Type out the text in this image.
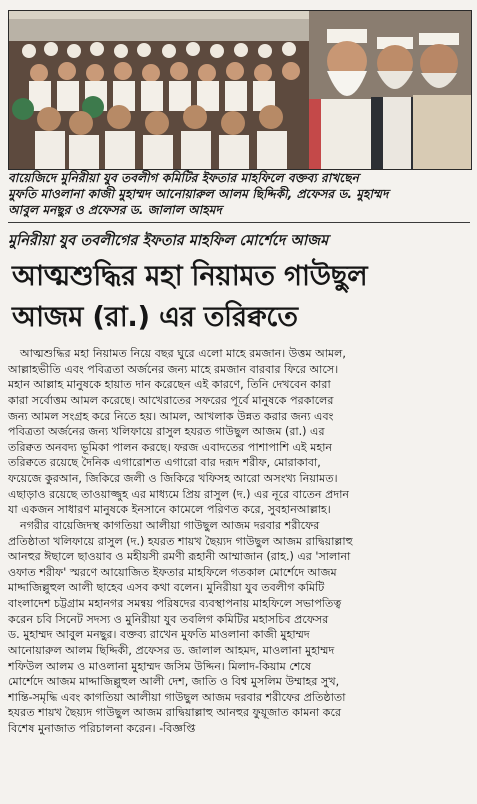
বায়েজিদে মুনিরীয়া যুব তবলীগ কমিটির ইফতার মাহফিলে বক্তব্য রাখছেন
মুফতি মাওলানা কাজী মুহাম্মদ আনোয়ারুল আলম ছিদ্দিকী, প্রফেসর ড. মুহাম্মদ
আবুল মনছুর ও প্রফেসর ড. জালাল আহমদ
মুনিরীয়া যুব তবলীগের ইফতার মাহফিল মোর্শেদে আজম
আত্মশুদ্ধির মহা নিয়ামত গাউছুল
আজম (রা.) এর তরিক্বতে
আত্মশুদ্ধির মহা নিয়ামত নিয়ে বছর ঘুরে এলো মাহে রমজান। উত্তম আমল,
আল্লাহভীতি এবং পবিত্রতা অর্জনের জন্য মাহে রমজান বারবার ফিরে আসে।
মহান আল্লাহ মানুষকে হায়াত দান করেছেন এই কারণে, তিনি দেখবেন কারা
কারা সর্বোত্তম আমল করেছে। আখেরাতের সফরের পূর্বে মানুষকে পরকালের
জন্য আমল সংগ্রহ করে নিতে হয়। আমল, আখলাক উন্নত করার জন্য এবং
পবিত্রতা অর্জনের জন্য খলিফায়ে রাসুল হযরত গাউছুল আজম (রা.) এর
তরিক্বত অনবদ্য ভূমিকা পালন করছে। ফরজ এবাদতের পাশাপাশি এই মহান
তরিক্বতে রয়েছে দৈনিক এগারোশত এগারো বার দরূদ শরীফ, মোরাকাবা,
ফয়েজে কুরআন, জিকিরে জলী ও জিকিরে খফিসহ আরো অসংখ্য নিয়ামত।
এছাড়াও রয়েছে তাওয়াজ্জুহ এর মাধ্যমে প্রিয় রাসুল (দ.) এর নূরে বাতেন প্রদান
যা একজন সাধারণ মানুষকে ইনসানে কামেলে পরিণত করে, সুবহানআল্লাহ।
নগরীর বায়েজিদস্থ কাগতিয়া আলীয়া গাউছুল আজম দরবার শরীফের
প্রতিষ্ঠাতা খলিফায়ে রাসুল (দ.) হযরত শায়খ ছৈয়্যদ গাউছুল আজম রাদ্বিয়াল্লাহু
আনহুর ঈছালে ছাওয়াব ও মহীয়সী রমণী রূহানী আম্মাজান (রাহ.) এর 'সালানা
ওফাত শরীফ' স্মরণে আয়োজিত ইফতার মাহফিলে গতকাল মোর্শেদে আজম
মাদ্দাজিল্লুহুল আলী ছাহেব এসব কথা বলেন। মুনিরীয়া যুব তবলীগ কমিটি
বাংলাদেশ চট্টগ্রাম মহানগর সমন্বয় পরিষদের ব্যবস্থাপনায় মাহফিলে সভাপতিত্ব
করেন চবি সিনেট সদস্য ও মুনিরীয়া যুব তবলিগ কমিটির মহাসচিব প্রফেসর
ড. মুহাম্মদ আবুল মনছুর। বক্তব্য রাখেন মুফতি মাওলানা কাজী মুহাম্মদ
আনোয়ারুল আলম ছিদ্দিকী, প্রফেসর ড. জালাল আহমদ, মাওলানা মুহাম্মদ
শফিউল আলম ও মাওলানা মুহাম্মদ জসিম উদ্দিন। মিলাদ-কিয়াম শেষে
মোর্শেদে আজম মাদ্দাজিল্লুহুল আলী দেশ, জাতি ও বিশ্ব মুসলিম উম্মাহর সুখ,
শান্তি-সমৃদ্ধি এবং কাগতিয়া আলীয়া গাউছুল আজম দরবার শরীফের প্রতিষ্ঠাতা
হযরত শায়খ ছৈয়্যদ গাউছুল আজম রাদ্বিয়াল্লাহু আনহুর ফুয়ূজাত কামনা করে
বিশেষ মুনাজাত পরিচালনা করেন। -বিজ্ঞপ্তি
